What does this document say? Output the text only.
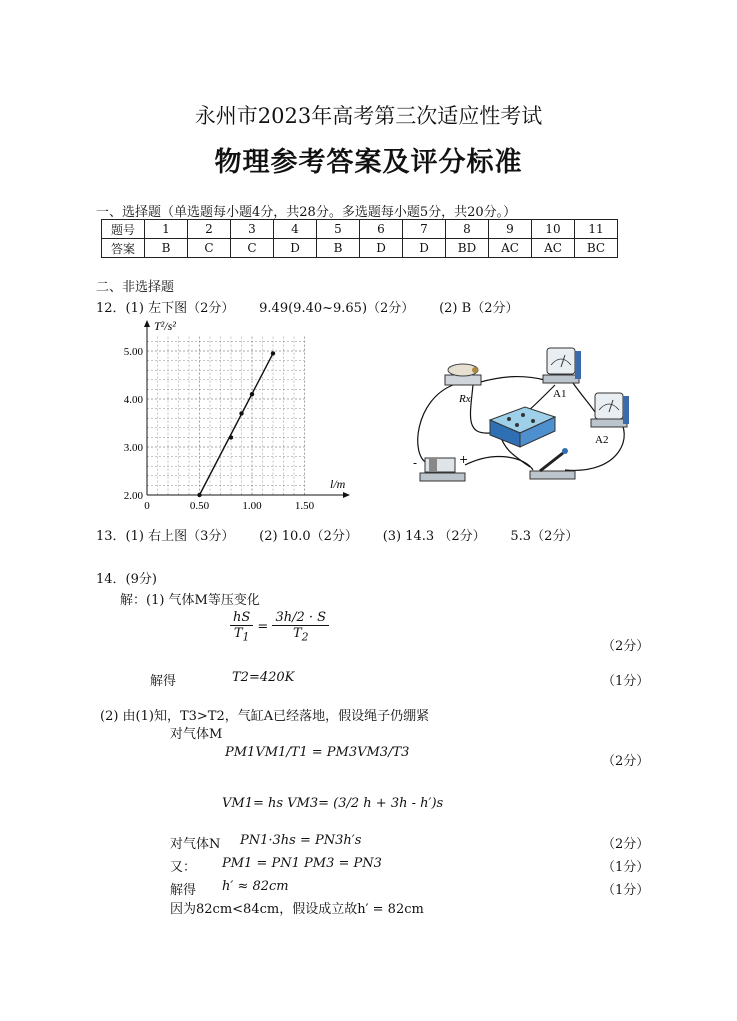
永州市2023年高考第三次适应性考试
物理参考答案及评分标准
一、选择题（单选题每小题4分，共28分。多选题每小题5分，共20分。）
题号	1	2	3	4	5	6	7	8	9	10	11
答案	B	C	C	D	B	D	D	BD	AC	AC	BC
二、非选择题
12．(1) 左下图（2分）      9.49(9.40~9.65)（2分）      (2) B（2分）
0	0.50	1.00	1.50
2.00
3.00
4.00
5.00
T²/s²
l/m
Rx	A1
A2
-	+
13．(1) 右上图（3分）      (2) 10.0（2分）      (3) 14.3 （2分）      5.3（2分）
14．(9分)
解：(1) 气体M等压变化
$\frac{hS}{T_1} = \frac{3h/2 \cdot S}{T_2}$
（2分）
解得	T2=420K	（1分）
(2) 由(1)知，T3>T2，气缸A已经落地，假设绳子仍绷紧
对气体M
PM1VM1/T1 = PM3VM3/T3
（2分）
VM1= hs VM3= (3/2 h + 3h - h′)s
对气体N PN1·3hs = PN3h′s	（2分）
又： PM1 = PN1 PM3 = PN3	（1分）
解得 h′ ≈ 82cm	（1分）
因为82cm<84cm，假设成立故h′ = 82cm
